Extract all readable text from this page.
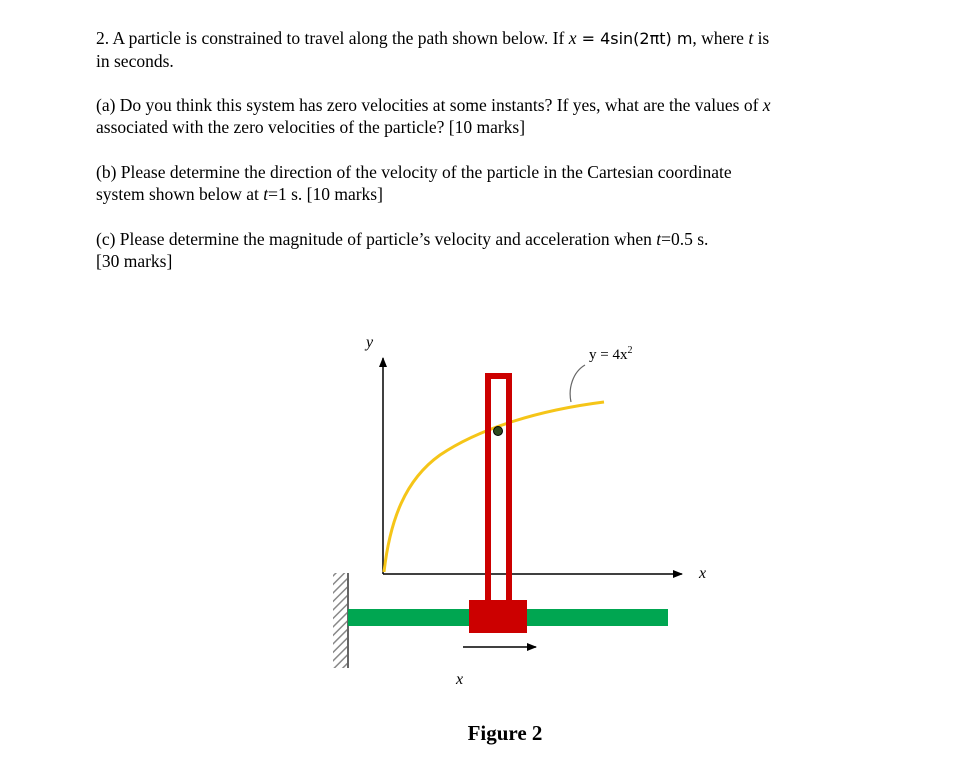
2. A particle is constrained to travel along the path shown below. If x = 4sin(2πt) m, where t is

in seconds.

(a) Do you think this system has zero velocities at some instants? If yes, what are the values of x

associated with the zero velocities of the particle? [10 marks]

(b) Please determine the direction of the velocity of the particle in the Cartesian coordinate

system shown below at t=1 s. [10 marks]

(c) Please determine the magnitude of particle’s velocity and acceleration when t=0.5 s.

[30 marks]

y
x
x
$y = 4x^2$
Figure 2
